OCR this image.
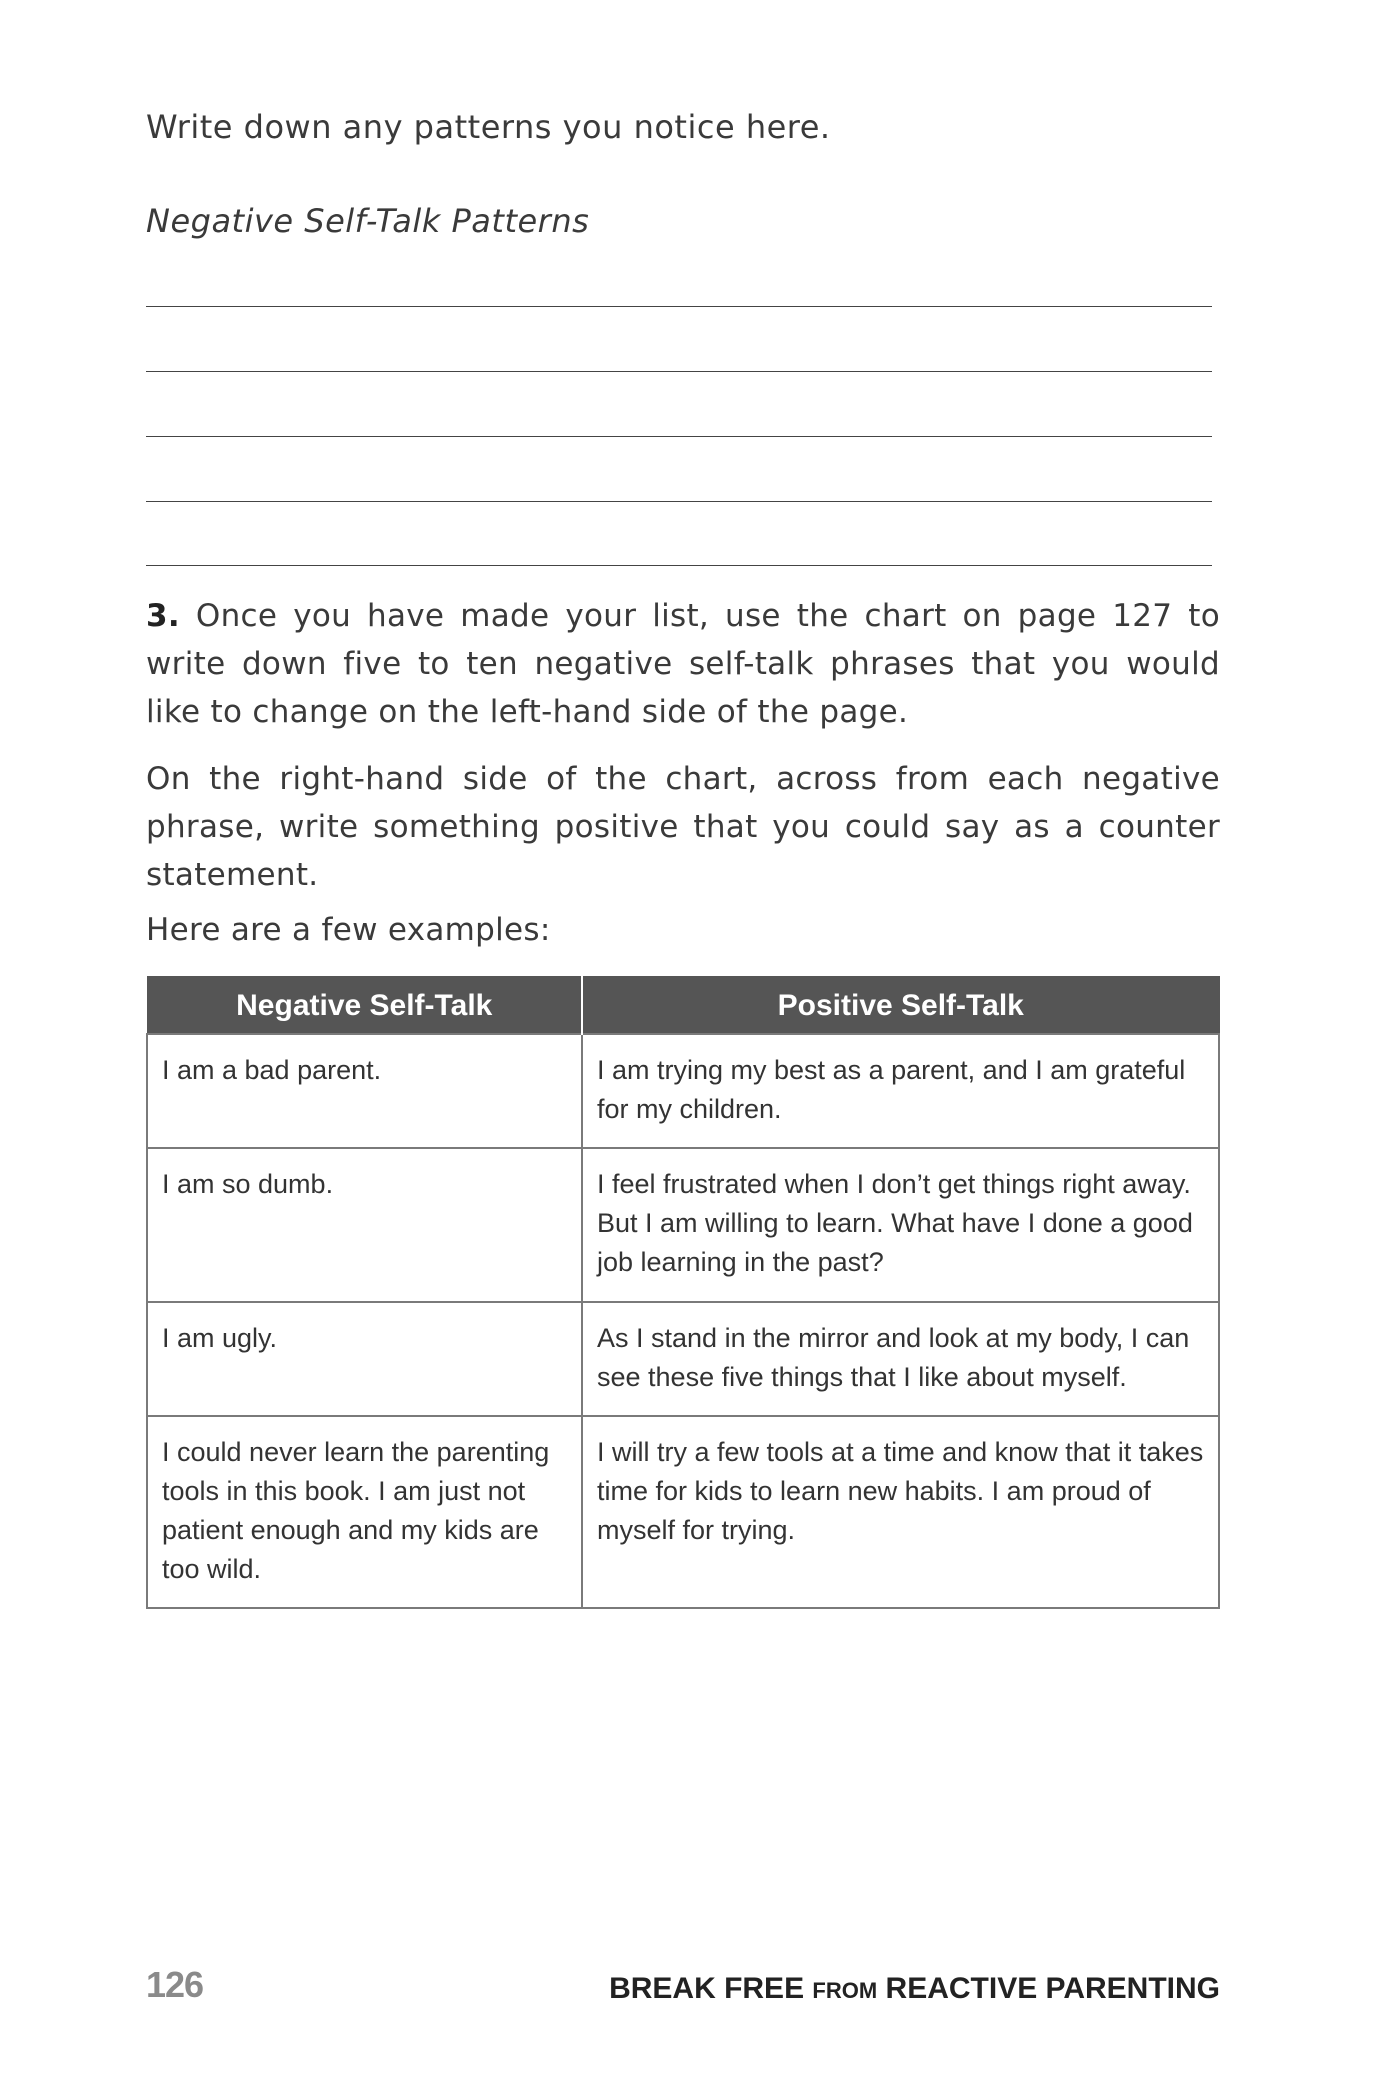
Write down any patterns you notice here.

Negative Self-Talk Patterns

3. Once you have made your list, use the chart on page 127 to write down five to ten negative self-talk phrases that you would like to change on the left-hand side of the page.

On the right-hand side of the chart, across from each negative phrase, write something positive that you could say as a counter statement.

Here are a few examples:

Negative Self-Talk	Positive Self-Talk
I am a bad parent.	I am trying my best as a parent, and I am grateful for my children.
I am so dumb.	I feel frustrated when I don’t get things right away. But I am willing to learn. What have I done a good job learning in the past?
I am ugly.	As I stand in the mirror and look at my body, I can see these five things that I like about myself.
I could never learn the parenting tools in this book. I am just not patient enough and my kids are too wild.	I will try a few tools at a time and know that it takes time for kids to learn new habits. I am proud of myself for trying.
126	BREAK FREE FROM REACTIVE PARENTING
